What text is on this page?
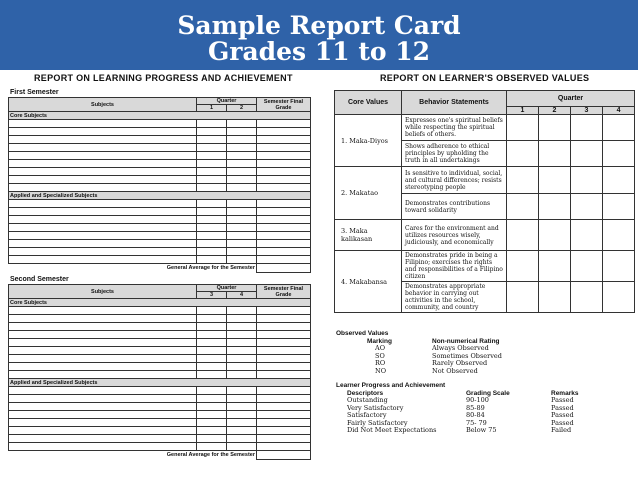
Sample Report Card
Grades 11 to 12
REPORT ON LEARNING PROGRESS AND ACHIEVEMENT
First Semester
Subjects	Quarter		Semester Final Grade
	1	2	
Core Subjects			

Applied and Specialized Subjects			

General Average for the Semester			
Second Semester
Subjects	Quarter		Semester Final Grade
	3	4	
Core Subjects			

Applied and Specialized Subjects			

General Average for the Semester			
REPORT ON LEARNER'S OBSERVED VALUES
Core Values	Behavior Statements	Quarter			
		1	2	3	4
1. Maka-Diyos	Expresses one's spiritual beliefs while respecting the spiritual beliefs of others.				
	Shows adherence to ethical principles by upholding the truth in all undertakings				
2. Makatao	Is sensitive to individual, social, and cultural differences; resists stereotyping people				
	Demonstrates contributions toward solidarity				
3. Maka kalikasan	Cares for the environment and utilizes resources wisely, judiciously, and economically				
4. Makabansa	Demonstrates pride in being a Filipino; exercises the rights and responsibilities of a Filipino citizen				
	Demonstrates appropriate behavior in carrying out activities in the school, community, and country				
Observed Values
Marking	Non-numerical Rating
AO	Always Observed
SO	Sometimes Observed
RO	Rarely Observed
NO	Not Observed
Learner Progress and Achievement
Descriptors	Grading Scale	Remarks
Outstanding	90-100	Passed
Very Satisfactory	85-89	Passed
Satisfactory	80-84	Passed
Fairly Satisfactory	75- 79	Passed
Did Not Meet Expectations	Below 75	Failed
